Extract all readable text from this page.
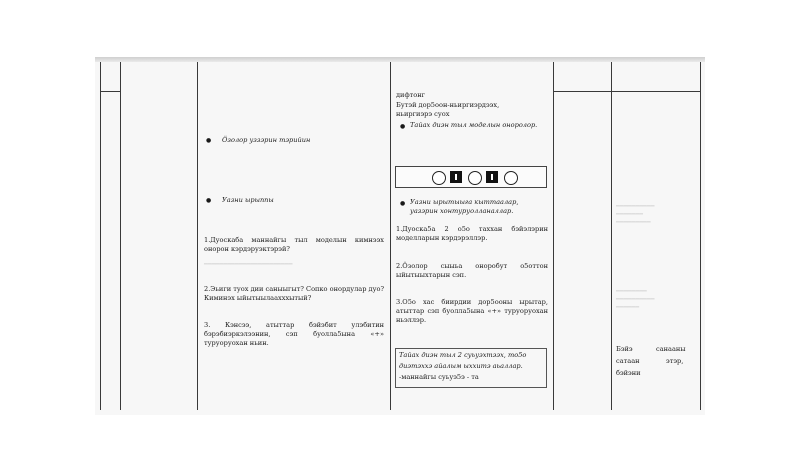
● Ӧзолор уззэрин тэрийин
● Уазни ырыппы
1.Дуоскаба маннайгы тыл моделын кимнээх онорон кэрдэруэктэрэй?
▁▁▁▁▁▁▁▁▁▁▁▁▁▁▁▁▁▁▁▁▁▁▁
2.Эьиги туох дии саныыгыт? Сопко онордулар дуо? Киминэх ыйытыылаахххытый?
3. Кэнсээ, атыттар бэйэбит улэбитин бэрэбиэркэлээнин, сэп буолла5ына «+» туруоруохан ньин.
дифтонг
Бутэй дор5оон-ньиргиэрдээх,
ньиргиэрэ суох
● Тайах диэн тыл моделын оноролор.
● Уазни ырытыыга кыттаалар, уазэрин хонтуруолланаллар.
1.Дуоска5а 2 о5о таххан бэйэлэрин моделларын кэрдэрэллэр.
2.Ӧзолор сыыьа оноробут о5оттон ыйытыыхтарын сэп.
3.О5о хас биирдии дор5ооны ырытар, атыттар сэп буолла5ына «+» туруоруохан ньэллэр.
Тайах диэн тыл 2 суьуэхтээх, то5о
диэтэххэ айалым ыххитэ аьаллар.
-маннайгы суьуэ5э - та
▁▁▁▁▁▁▁▁▁▁
▁▁▁▁▁▁▁
▁▁▁▁▁▁▁▁▁
▁▁▁▁▁▁▁▁
▁▁▁▁▁▁▁▁▁▁
▁▁▁▁▁▁
Бэйэ	санааны
сатаан	этэр,
бэйэни
